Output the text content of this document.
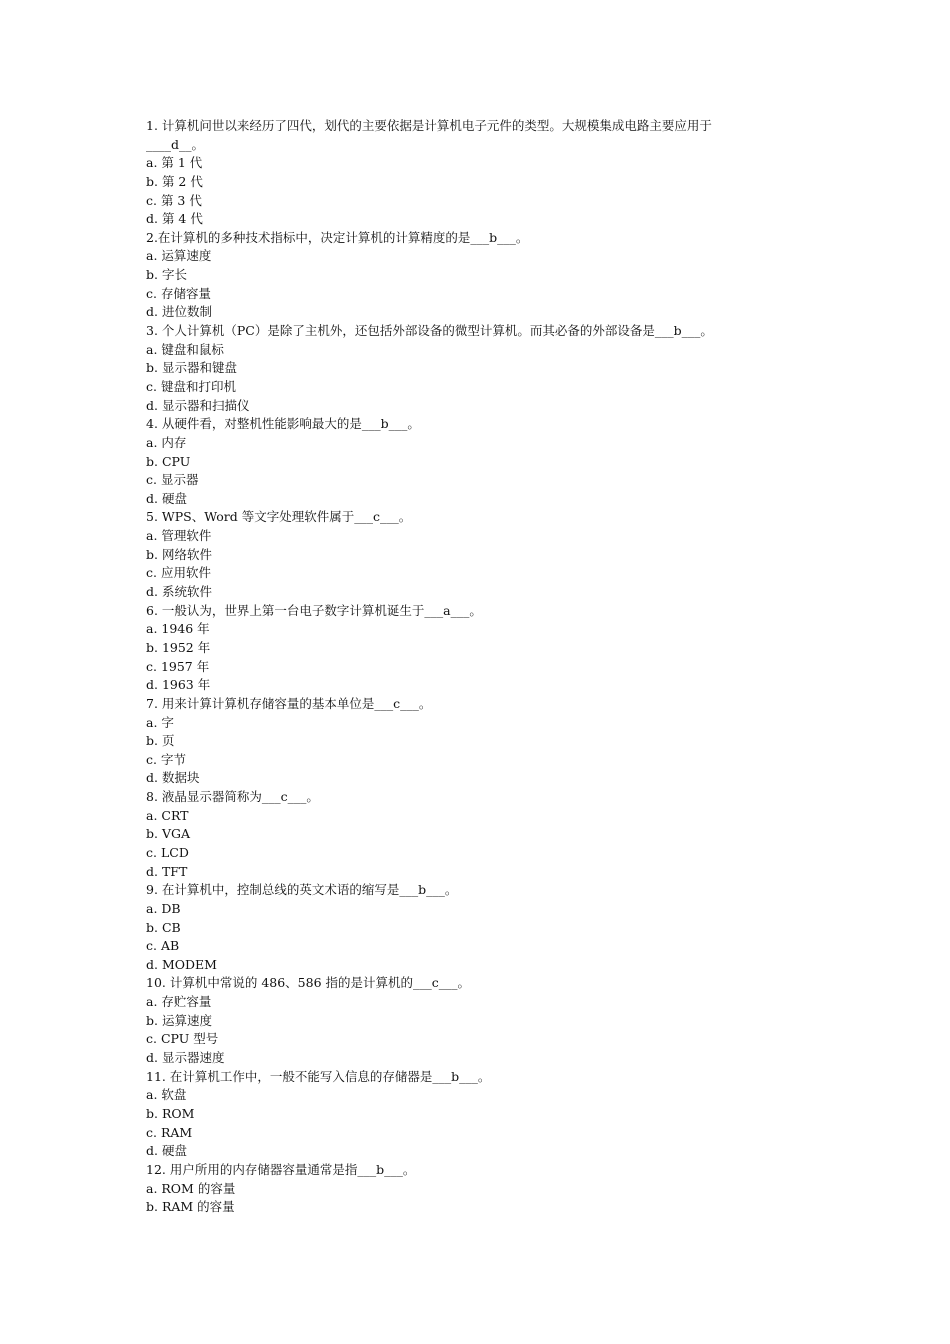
1. 计算机问世以来经历了四代，划代的主要依据是计算机电子元件的类型。大规模集成电路主要应用于
____d__。
a. 第 1 代
b. 第 2 代
c. 第 3 代
d. 第 4 代
2.在计算机的多种技术指标中，决定计算机的计算精度的是___b___。
a. 运算速度
b. 字长
c. 存储容量
d. 进位数制
3. 个人计算机（PC）是除了主机外，还包括外部设备的微型计算机。而其必备的外部设备是___b___。
a. 键盘和鼠标
b. 显示器和键盘
c. 键盘和打印机
d. 显示器和扫描仪
4. 从硬件看，对整机性能影响最大的是___b___。
a. 内存
b. CPU
c. 显示器
d. 硬盘
5. WPS、Word 等文字处理软件属于___c___。
a. 管理软件
b. 网络软件
c. 应用软件
d. 系统软件
6. 一般认为，世界上第一台电子数字计算机诞生于___a___。
a. 1946 年
b. 1952 年
c. 1957 年
d. 1963 年
7. 用来计算计算机存储容量的基本单位是___c___。
a. 字
b. 页
c. 字节
d. 数据块
8. 液晶显示器简称为___c___。
a. CRT
b. VGA
c. LCD
d. TFT
9. 在计算机中，控制总线的英文术语的缩写是___b___。
a. DB
b. CB
c. AB
d. MODEM
10. 计算机中常说的 486、586 指的是计算机的___c___。
a. 存贮容量
b. 运算速度
c. CPU 型号
d. 显示器速度
11. 在计算机工作中，一般不能写入信息的存储器是___b___。
a. 软盘
b. ROM
c. RAM
d. 硬盘
12. 用户所用的内存储器容量通常是指___b___。
a. ROM 的容量
b. RAM 的容量
